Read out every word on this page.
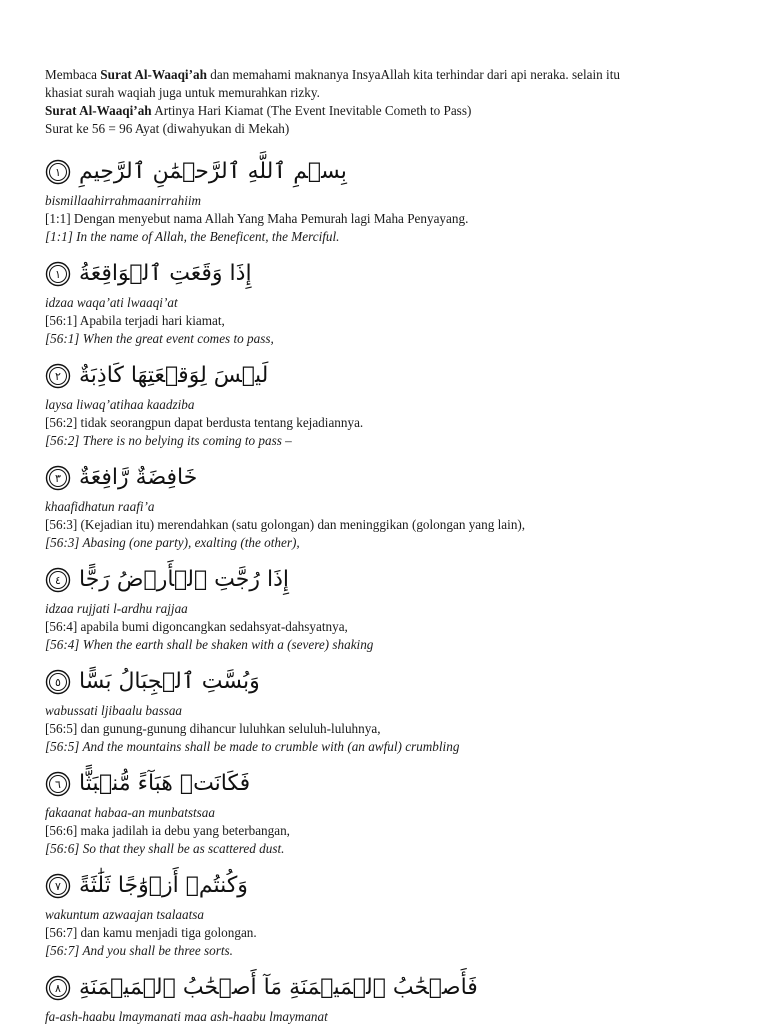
Membaca Surat Al-Waaqi’ah dan memahami maknanya InsyaAllah kita terhindar dari api neraka. selain itu
khasiat surah waqiah juga untuk memurahkan rizky.

Surat Al-Waaqi’ah Artinya Hari Kiamat (The Event Inevitable Cometh to Pass)

Surat ke 56 = 96 Ayat (diwahyukan di Mekah)

١ بِسۡمِ ٱللَّهِ ٱلرَّحۡمَٰنِ ٱلرَّحِيمِ
bismillaahirrahmaanirrahiim
[1:1] Dengan menyebut nama Allah Yang Maha Pemurah lagi Maha Penyayang.
[1:1] In the name of Allah, the Beneficent, the Merciful.
١ إِذَا وَقَعَتِ ٱلۡوَاقِعَةُ
idzaa waqa’ati lwaaqi’at
[56:1] Apabila terjadi hari kiamat,
[56:1] When the great event comes to pass,
٢ لَيۡسَ لِوَقۡعَتِهَا كَاذِبَةٌ
laysa liwaq’atihaa kaadziba
[56:2] tidak seorangpun dapat berdusta tentang kejadiannya.
[56:2] There is no belying its coming to pass –
٣ خَافِضَةٌ رَّافِعَةٌ
khaafidhatun raafi’a
[56:3] (Kejadian itu) merendahkan (satu golongan) dan meninggikan (golongan yang lain),
[56:3] Abasing (one party), exalting (the other),
٤ إِذَا رُجَّتِ ٱلۡأَرۡضُ رَجًّا
idzaa rujjati l-ardhu rajjaa
[56:4] apabila bumi digoncangkan sedahsyat-dahsyatnya,
[56:4] When the earth shall be shaken with a (severe) shaking
٥ وَبُسَّتِ ٱلۡجِبَالُ بَسًّا
wabussati ljibaalu bassaa
[56:5] dan gunung-gunung dihancur luluhkan seluluh-luluhnya,
[56:5] And the mountains shall be made to crumble with (an awful) crumbling
٦ فَكَانَتۡ هَبَآءً مُّنۢبَثًّا
fakaanat habaa-an munbatstsaa
[56:6] maka jadilah ia debu yang beterbangan,
[56:6] So that they shall be as scattered dust.
٧ وَكُنتُمۡ أَزۡوَٰجًا ثَلَٰثَةً
wakuntum azwaajan tsalaatsa
[56:7] dan kamu menjadi tiga golongan.
[56:7] And you shall be three sorts.
٨ فَأَصۡحَٰبُ ٱلۡمَيۡمَنَةِ مَآ أَصۡحَٰبُ ٱلۡمَيۡمَنَةِ
fa-ash-haabu lmaymanati maa ash-haabu lmaymanat
